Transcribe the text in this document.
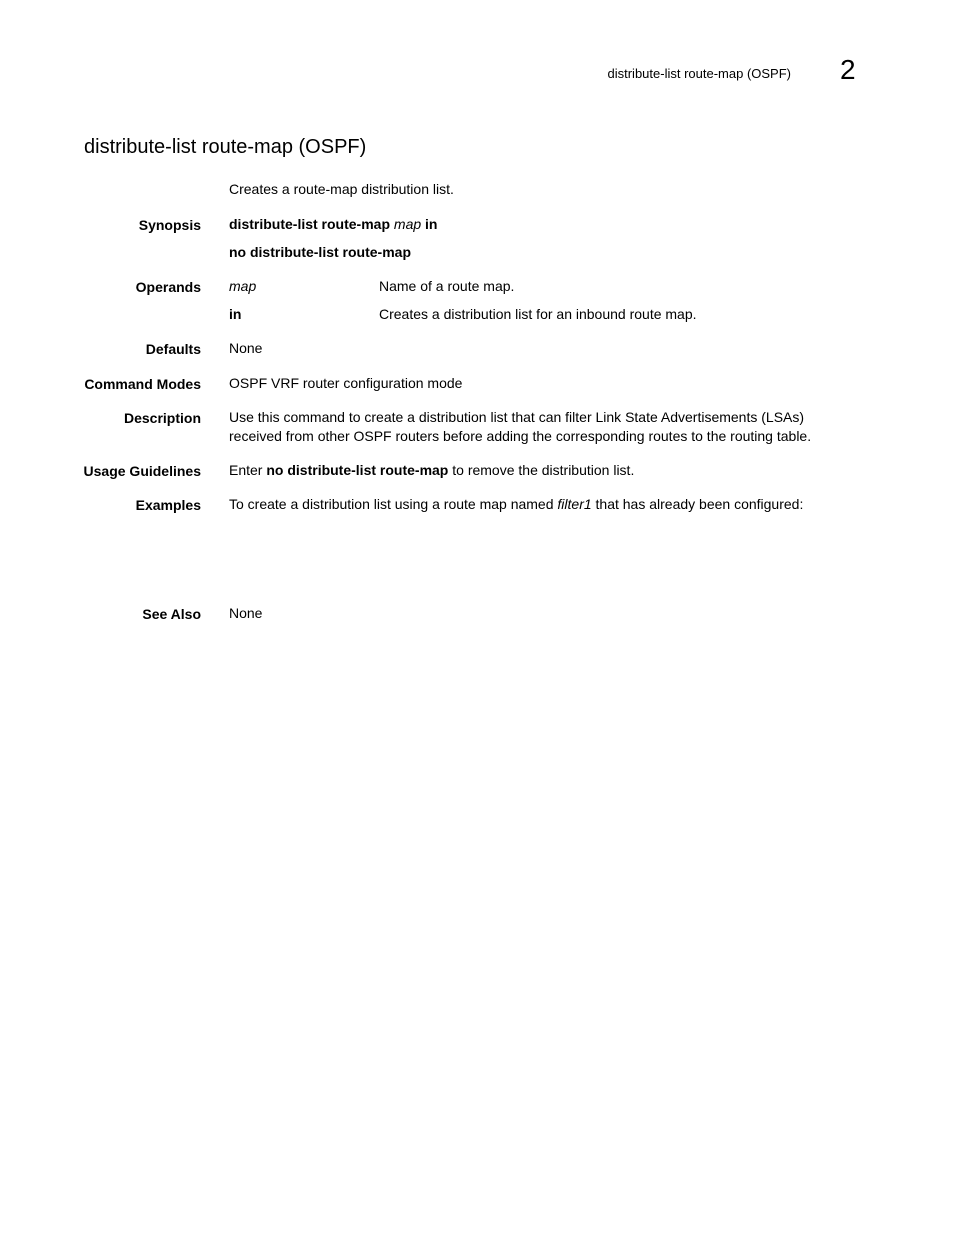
distribute-list route-map (OSPF) 2
distribute-list route-map (OSPF)
Creates a route-map distribution list.
Synopsis distribute-list route-map map in
no distribute-list route-map
Operands map	Name of a route map.
in	Creates a distribution list for an inbound route map.
Defaults None
Command Modes OSPF VRF router configuration mode
Description Use this command to create a distribution list that can filter Link State Advertisements (LSAs)
received from other OSPF routers before adding the corresponding routes to the routing table.
Usage Guidelines Enter no distribute-list route-map to remove the distribution list.
Examples To create a distribution list using a route map named filter1 that has already been configured:
See Also None
